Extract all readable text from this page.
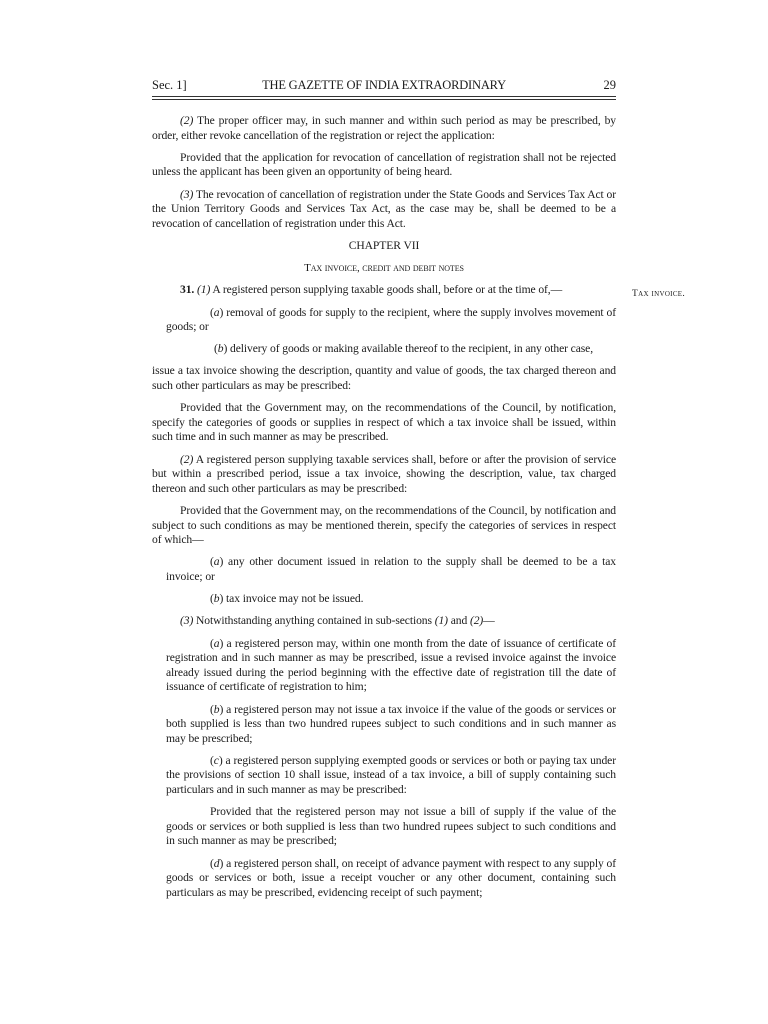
Sec. 1]	THE GAZETTE OF INDIA EXTRAORDINARY	29
Tax invoice.

(2) The proper officer may, in such manner and within such period as may be prescribed, by order, either revoke cancellation of the registration or reject the application:

Provided that the application for revocation of cancellation of registration shall not be rejected unless the applicant has been given an opportunity of being heard.

(3) The revocation of cancellation of registration under the State Goods and Services Tax Act or the Union Territory Goods and Services Tax Act, as the case may be, shall be deemed to be a revocation of cancellation of registration under this Act.

CHAPTER VII

Tax invoice, credit and debit notes

31. (1) A registered person supplying taxable goods shall, before or at the time of,—

(a) removal of goods for supply to the recipient, where the supply involves movement of goods; or

(b) delivery of goods or making available thereof to the recipient, in any other case,

issue a tax invoice showing the description, quantity and value of goods, the tax charged thereon and such other particulars as may be prescribed:

Provided that the Government may, on the recommendations of the Council, by notification, specify the categories of goods or supplies in respect of which a tax invoice shall be issued, within such time and in such manner as may be prescribed.

(2) A registered person supplying taxable services shall, before or after the provision of service but within a prescribed period, issue a tax invoice, showing the description, value, tax charged thereon and such other particulars as may be prescribed:

Provided that the Government may, on the recommendations of the Council, by notification and subject to such conditions as may be mentioned therein, specify the categories of services in respect of which—

(a) any other document issued in relation to the supply shall be deemed to be a tax invoice; or

(b) tax invoice may not be issued.

(3) Notwithstanding anything contained in sub-sections (1) and (2)—

(a) a registered person may, within one month from the date of issuance of certificate of registration and in such manner as may be prescribed, issue a revised invoice against the invoice already issued during the period beginning with the effective date of registration till the date of issuance of certificate of registration to him;

(b) a registered person may not issue a tax invoice if the value of the goods or services or both supplied is less than two hundred rupees subject to such conditions and in such manner as may be prescribed;

(c) a registered person supplying exempted goods or services or both or paying tax under the provisions of section 10 shall issue, instead of a tax invoice, a bill of supply containing such particulars and in such manner as may be prescribed:

Provided that the registered person may not issue a bill of supply if the value of the goods or services or both supplied is less than two hundred rupees subject to such conditions and in such manner as may be prescribed;

(d) a registered person shall, on receipt of advance payment with respect to any supply of goods or services or both, issue a receipt voucher or any other document, containing such particulars as may be prescribed, evidencing receipt of such payment;
